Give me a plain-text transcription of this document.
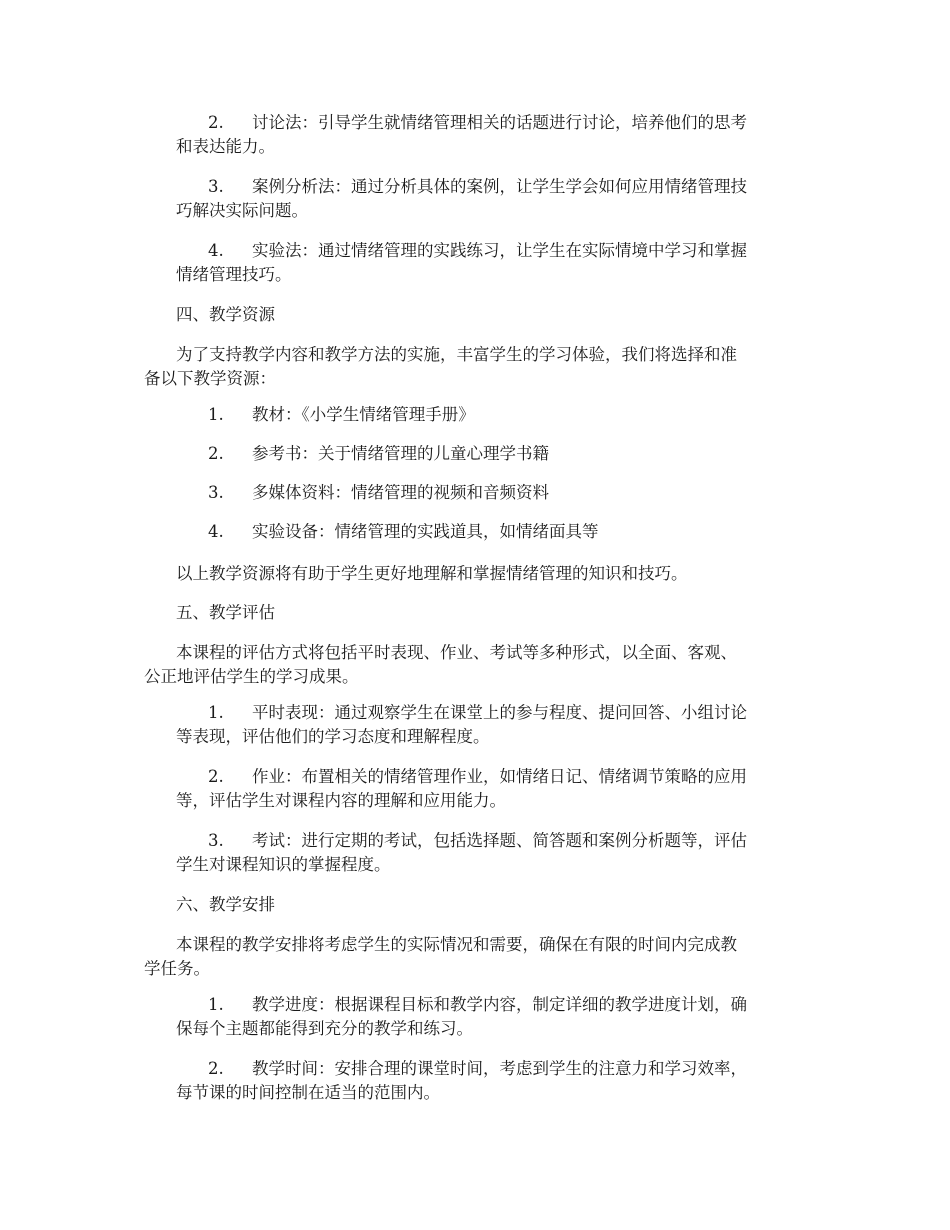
2. 讨论法：引导学生就情绪管理相关的话题进行讨论，培养他们的思考
和表达能力。
3. 案例分析法：通过分析具体的案例，让学生学会如何应用情绪管理技
巧解决实际问题。
4. 实验法：通过情绪管理的实践练习，让学生在实际情境中学习和掌握
情绪管理技巧。
四、教学资源
为了支持教学内容和教学方法的实施，丰富学生的学习体验，我们将选择和准
备以下教学资源：
1. 教材：《小学生情绪管理手册》
2. 参考书：关于情绪管理的儿童心理学书籍
3. 多媒体资料：情绪管理的视频和音频资料
4. 实验设备：情绪管理的实践道具，如情绪面具等
以上教学资源将有助于学生更好地理解和掌握情绪管理的知识和技巧。
五、教学评估
本课程的评估方式将包括平时表现、作业、考试等多种形式，以全面、客观、
公正地评估学生的学习成果。
1. 平时表现：通过观察学生在课堂上的参与程度、提问回答、小组讨论
等表现，评估他们的学习态度和理解程度。
2. 作业：布置相关的情绪管理作业，如情绪日记、情绪调节策略的应用
等，评估学生对课程内容的理解和应用能力。
3. 考试：进行定期的考试，包括选择题、简答题和案例分析题等，评估
学生对课程知识的掌握程度。
六、教学安排
本课程的教学安排将考虑学生的实际情况和需要，确保在有限的时间内完成教
学任务。
1. 教学进度：根据课程目标和教学内容，制定详细的教学进度计划，确
保每个主题都能得到充分的教学和练习。
2. 教学时间：安排合理的课堂时间，考虑到学生的注意力和学习效率，
每节课的时间控制在适当的范围内。
